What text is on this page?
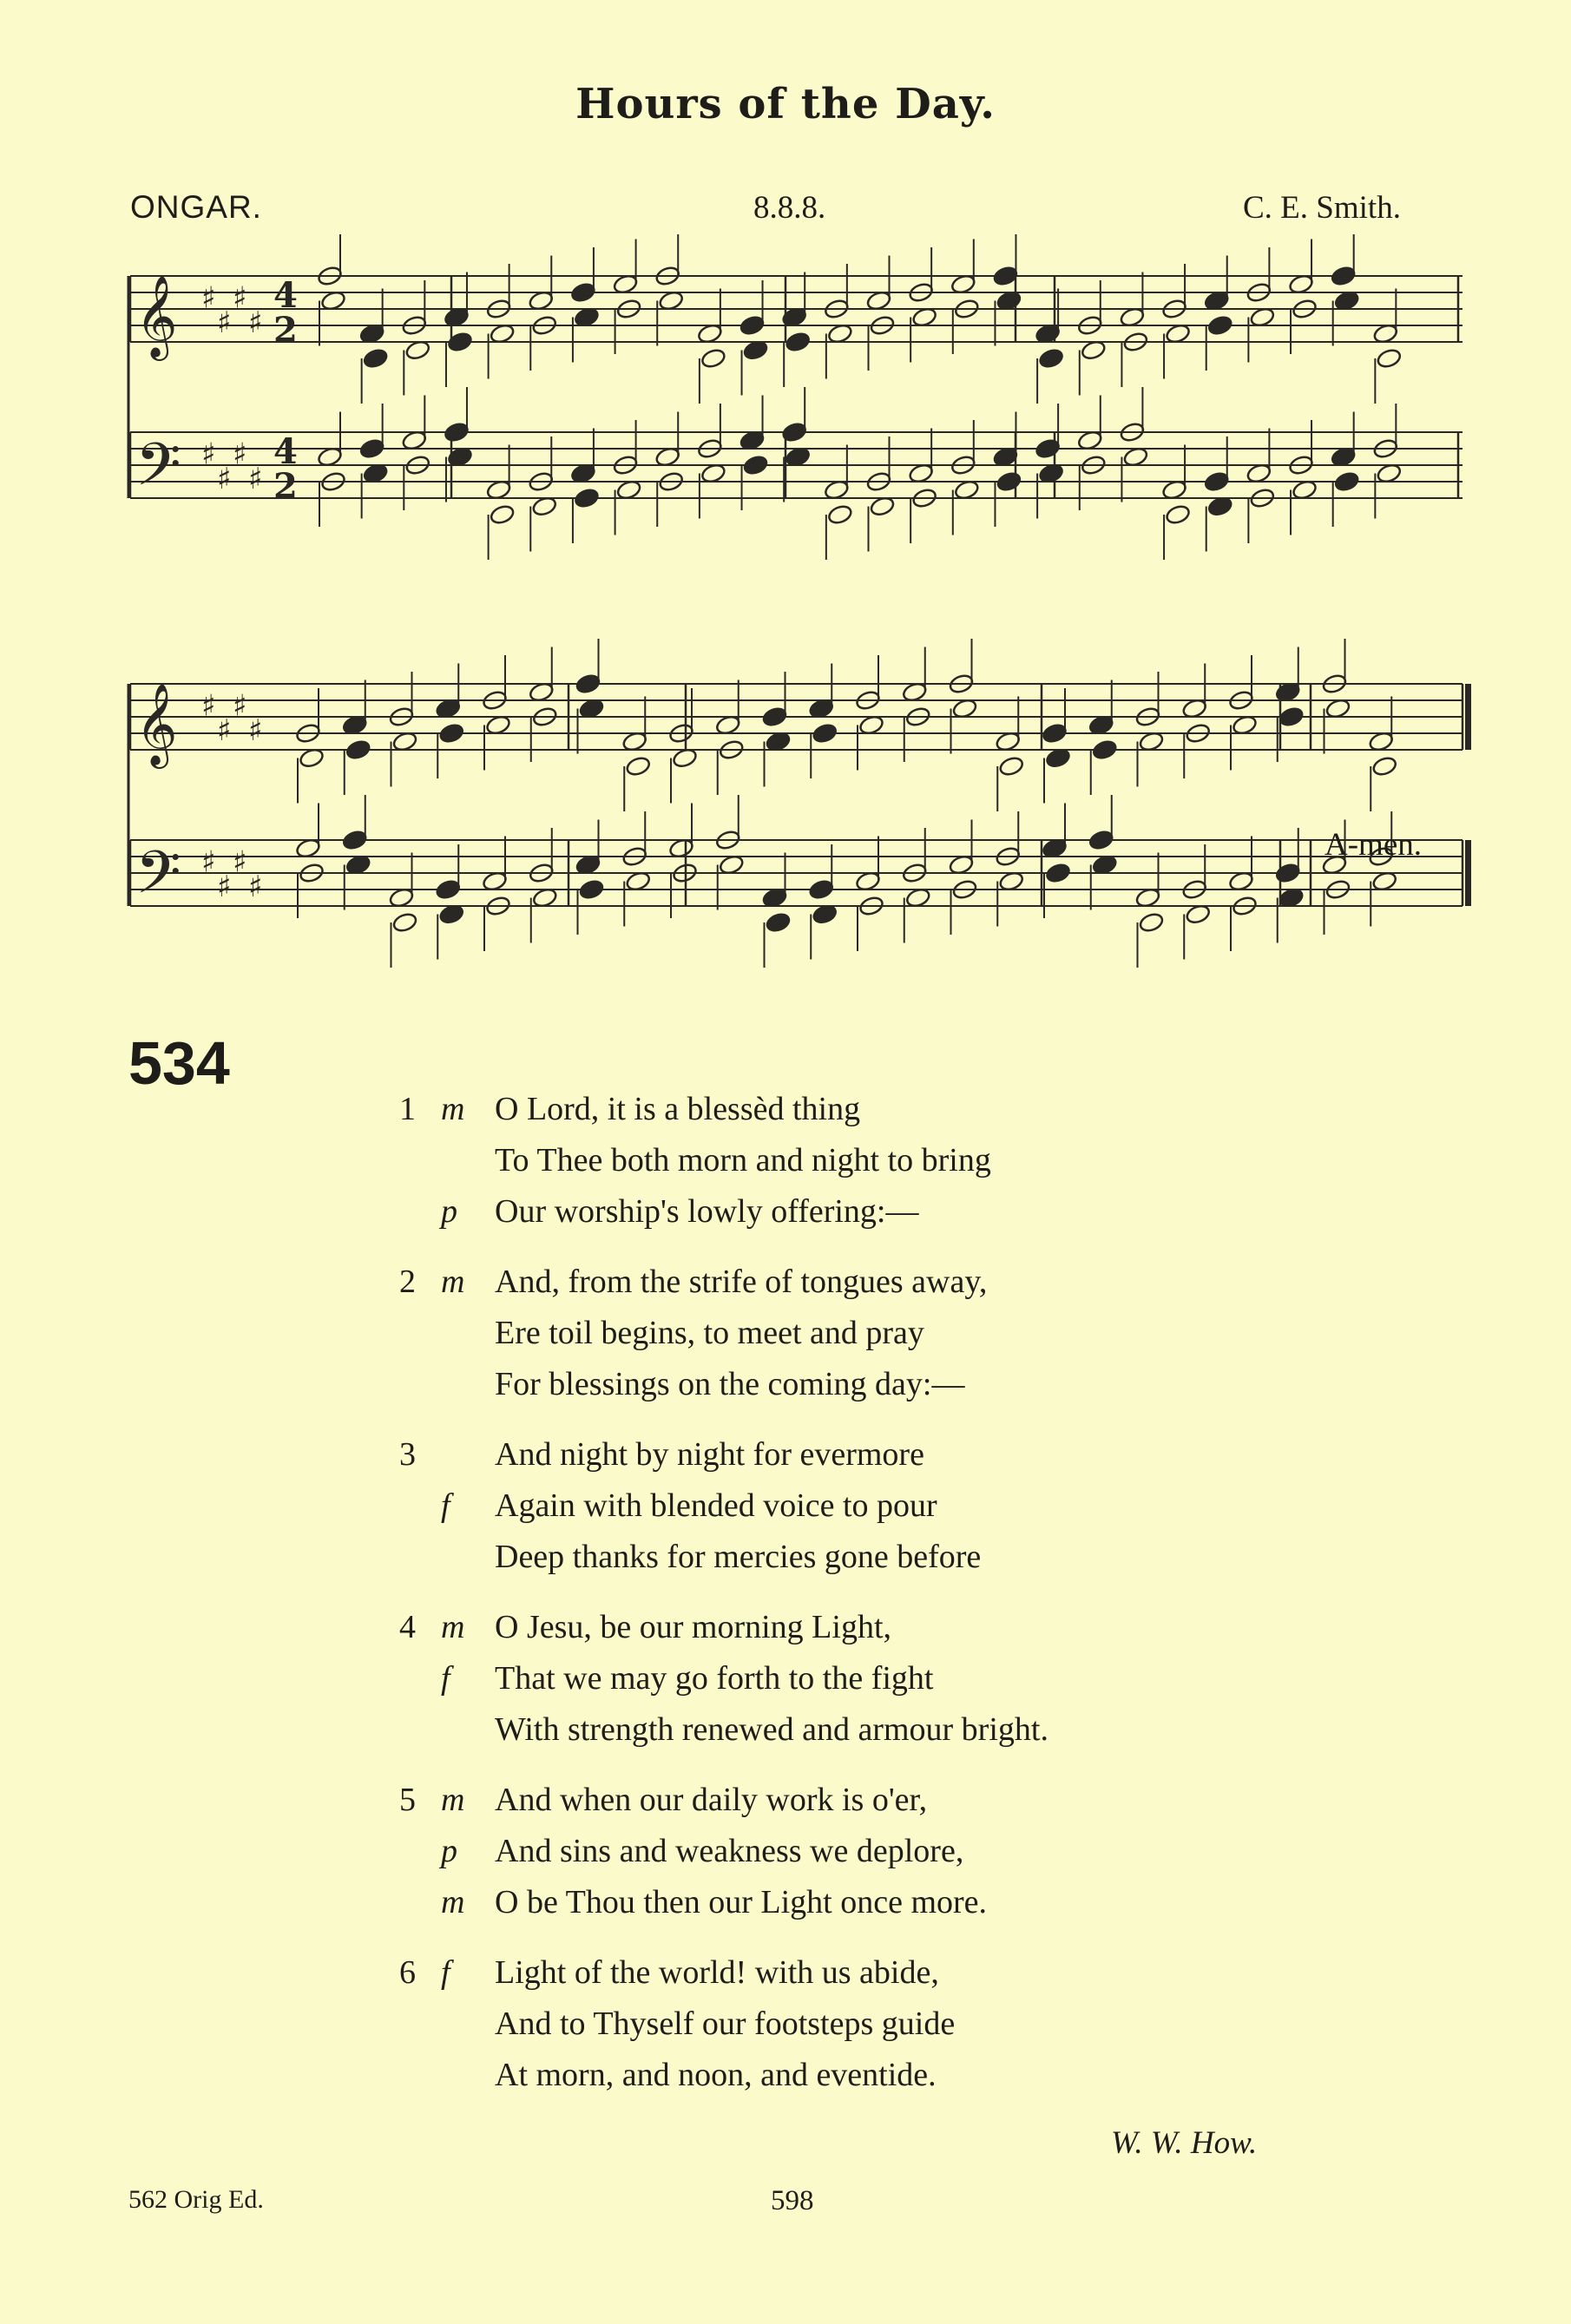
Hours of the Day.
ONGAR.	8.8.8.	C. E. Smith.
𝄞 ♯
♯
♯
♯
4
2
𝄢 ♯
♯
♯
♯
4
2
𝄞 ♯
♯
♯
♯
𝄢 ♯
♯
♯
♯
A-men.
534
1 m O Lord, it is a blessèd thing
To Thee both morn and night to bring
p	Our worship's lowly offering:—
2 m And, from the strife of tongues away,
Ere toil begins, to meet and pray
For blessings on the coming day:—
3	And night by night for evermore
f	Again with blended voice to pour
Deep thanks for mercies gone before
4 m O Jesu, be our morning Light,
f	That we may go forth to the fight
With strength renewed and armour bright.
5 m And when our daily work is o'er,
p	And sins and weakness we deplore,
m O be Thou then our Light once more.
6 f	Light of the world! with us abide,
And to Thyself our footsteps guide
At morn, and noon, and eventide.
W. W. How.
562 Orig Ed.	598
